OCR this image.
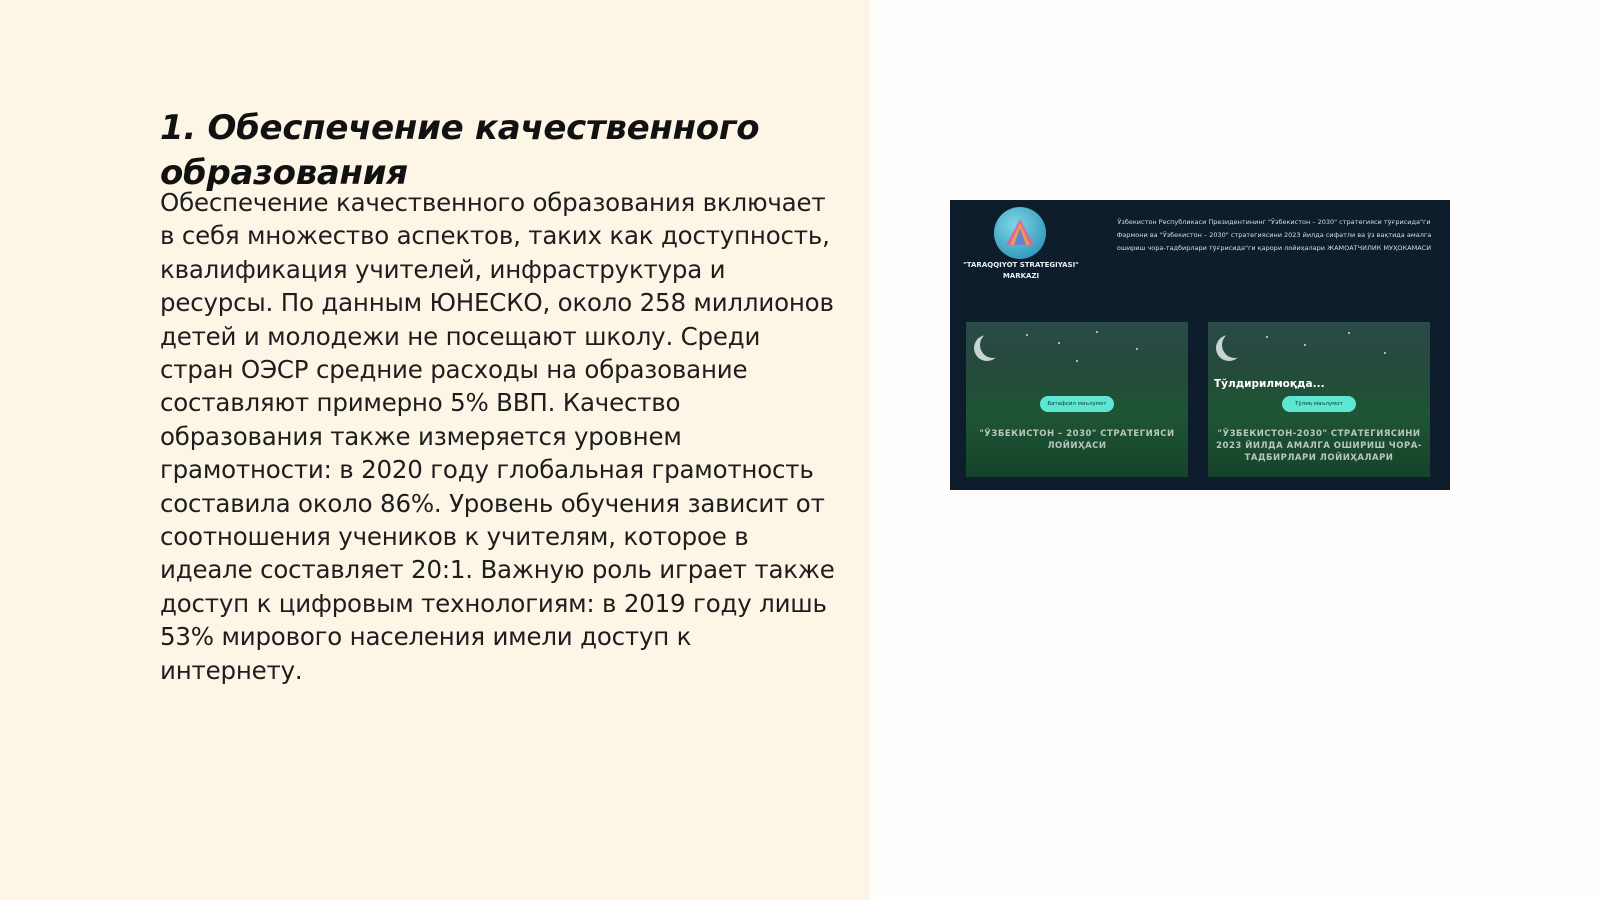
1. Обеспечение качественного образования

Обеспечение качественного образования включает в себя множество аспектов, таких как доступность, квалификация учителей, инфраструктура и ресурсы. По данным ЮНЕСКО, около 258 миллионов детей и молодежи не посещают школу. Среди стран ОЭСР средние расходы на образование составляют примерно 5% ВВП. Качество образования также измеряется уровнем грамотности: в 2020 году глобальная грамотность составила около 86%. Уровень обучения зависит от соотношения учеников к учителям, которое в идеале составляет 20:1. Важную роль играет также доступ к цифровым технологиям: в 2019 году лишь 53% мирового населения имели доступ к интернету.

"TARAQQIYOT STRATEGIYASI" MARKAZI
Ўзбекистон Республикаси Президентининг "Ўзбекистон – 2030" стратегияси тўғрисида"ги Фармони ва "Ўзбекистон – 2030" стратегиясини 2023 йилда сифатли ва ўз вақтида амалга ошириш чора-тадбирлари тўғрисида"ги қарори лойиҳалари ЖАМОАТЧИЛИК МУҲОКАМАСИ
Батафсил маълумот
"ЎЗБЕКИСТОН – 2030" СТРАТЕГИЯСИ ЛОЙИҲАСИ
Тўлдирилмоқда...
Тўлиқ маълумот
"ЎЗБЕКИСТОН-2030" СТРАТЕГИЯСИНИ 2023 ЙИЛДА АМАЛГА ОШИРИШ ЧОРА-ТАДБИРЛАРИ ЛОЙИҲАЛАРИ
